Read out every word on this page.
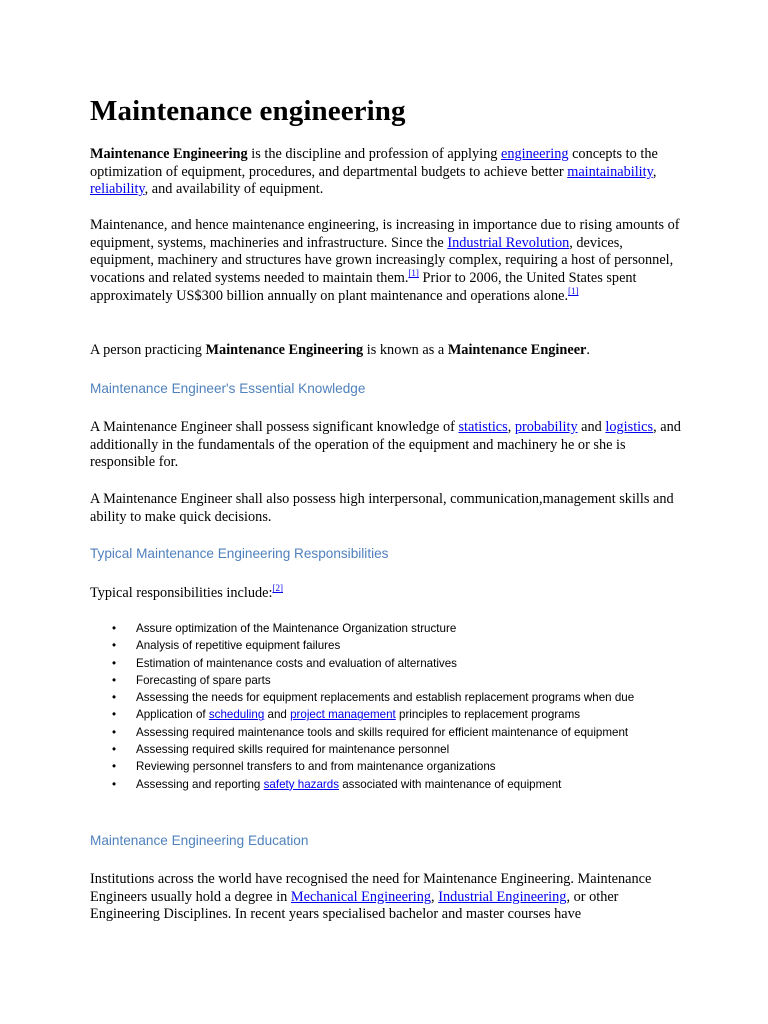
Maintenance engineering

Maintenance Engineering is the discipline and profession of applying engineering concepts to the optimization of equipment, procedures, and departmental budgets to achieve better maintainability, reliability, and availability of equipment.

Maintenance, and hence maintenance engineering, is increasing in importance due to rising amounts of equipment, systems, machineries and infrastructure. Since the Industrial Revolution, devices, equipment, machinery and structures have grown increasingly complex, requiring a host of personnel, vocations and related systems needed to maintain them.[1] Prior to 2006, the United States spent approximately US$300 billion annually on plant maintenance and operations alone.[1]

A person practicing Maintenance Engineering is known as a Maintenance Engineer.

Maintenance Engineer's Essential Knowledge

A Maintenance Engineer shall possess significant knowledge of statistics, probability and logistics, and additionally in the fundamentals of the operation of the equipment and machinery he or she is responsible for.

A Maintenance Engineer shall also possess high interpersonal, communication,management skills and ability to make quick decisions.

Typical Maintenance Engineering Responsibilities

Typical responsibilities include:[2]

• Assure optimization of the Maintenance Organization structure
• Analysis of repetitive equipment failures
• Estimation of maintenance costs and evaluation of alternatives
• Forecasting of spare parts
• Assessing the needs for equipment replacements and establish replacement programs when due
• Application of scheduling and project management principles to replacement programs
• Assessing required maintenance tools and skills required for efficient maintenance of equipment
• Assessing required skills required for maintenance personnel
• Reviewing personnel transfers to and from maintenance organizations
• Assessing and reporting safety hazards associated with maintenance of equipment
Maintenance Engineering Education

Institutions across the world have recognised the need for Maintenance Engineering. Maintenance Engineers usually hold a degree in Mechanical Engineering, Industrial Engineering, or other Engineering Disciplines. In recent years specialised bachelor and master courses have
